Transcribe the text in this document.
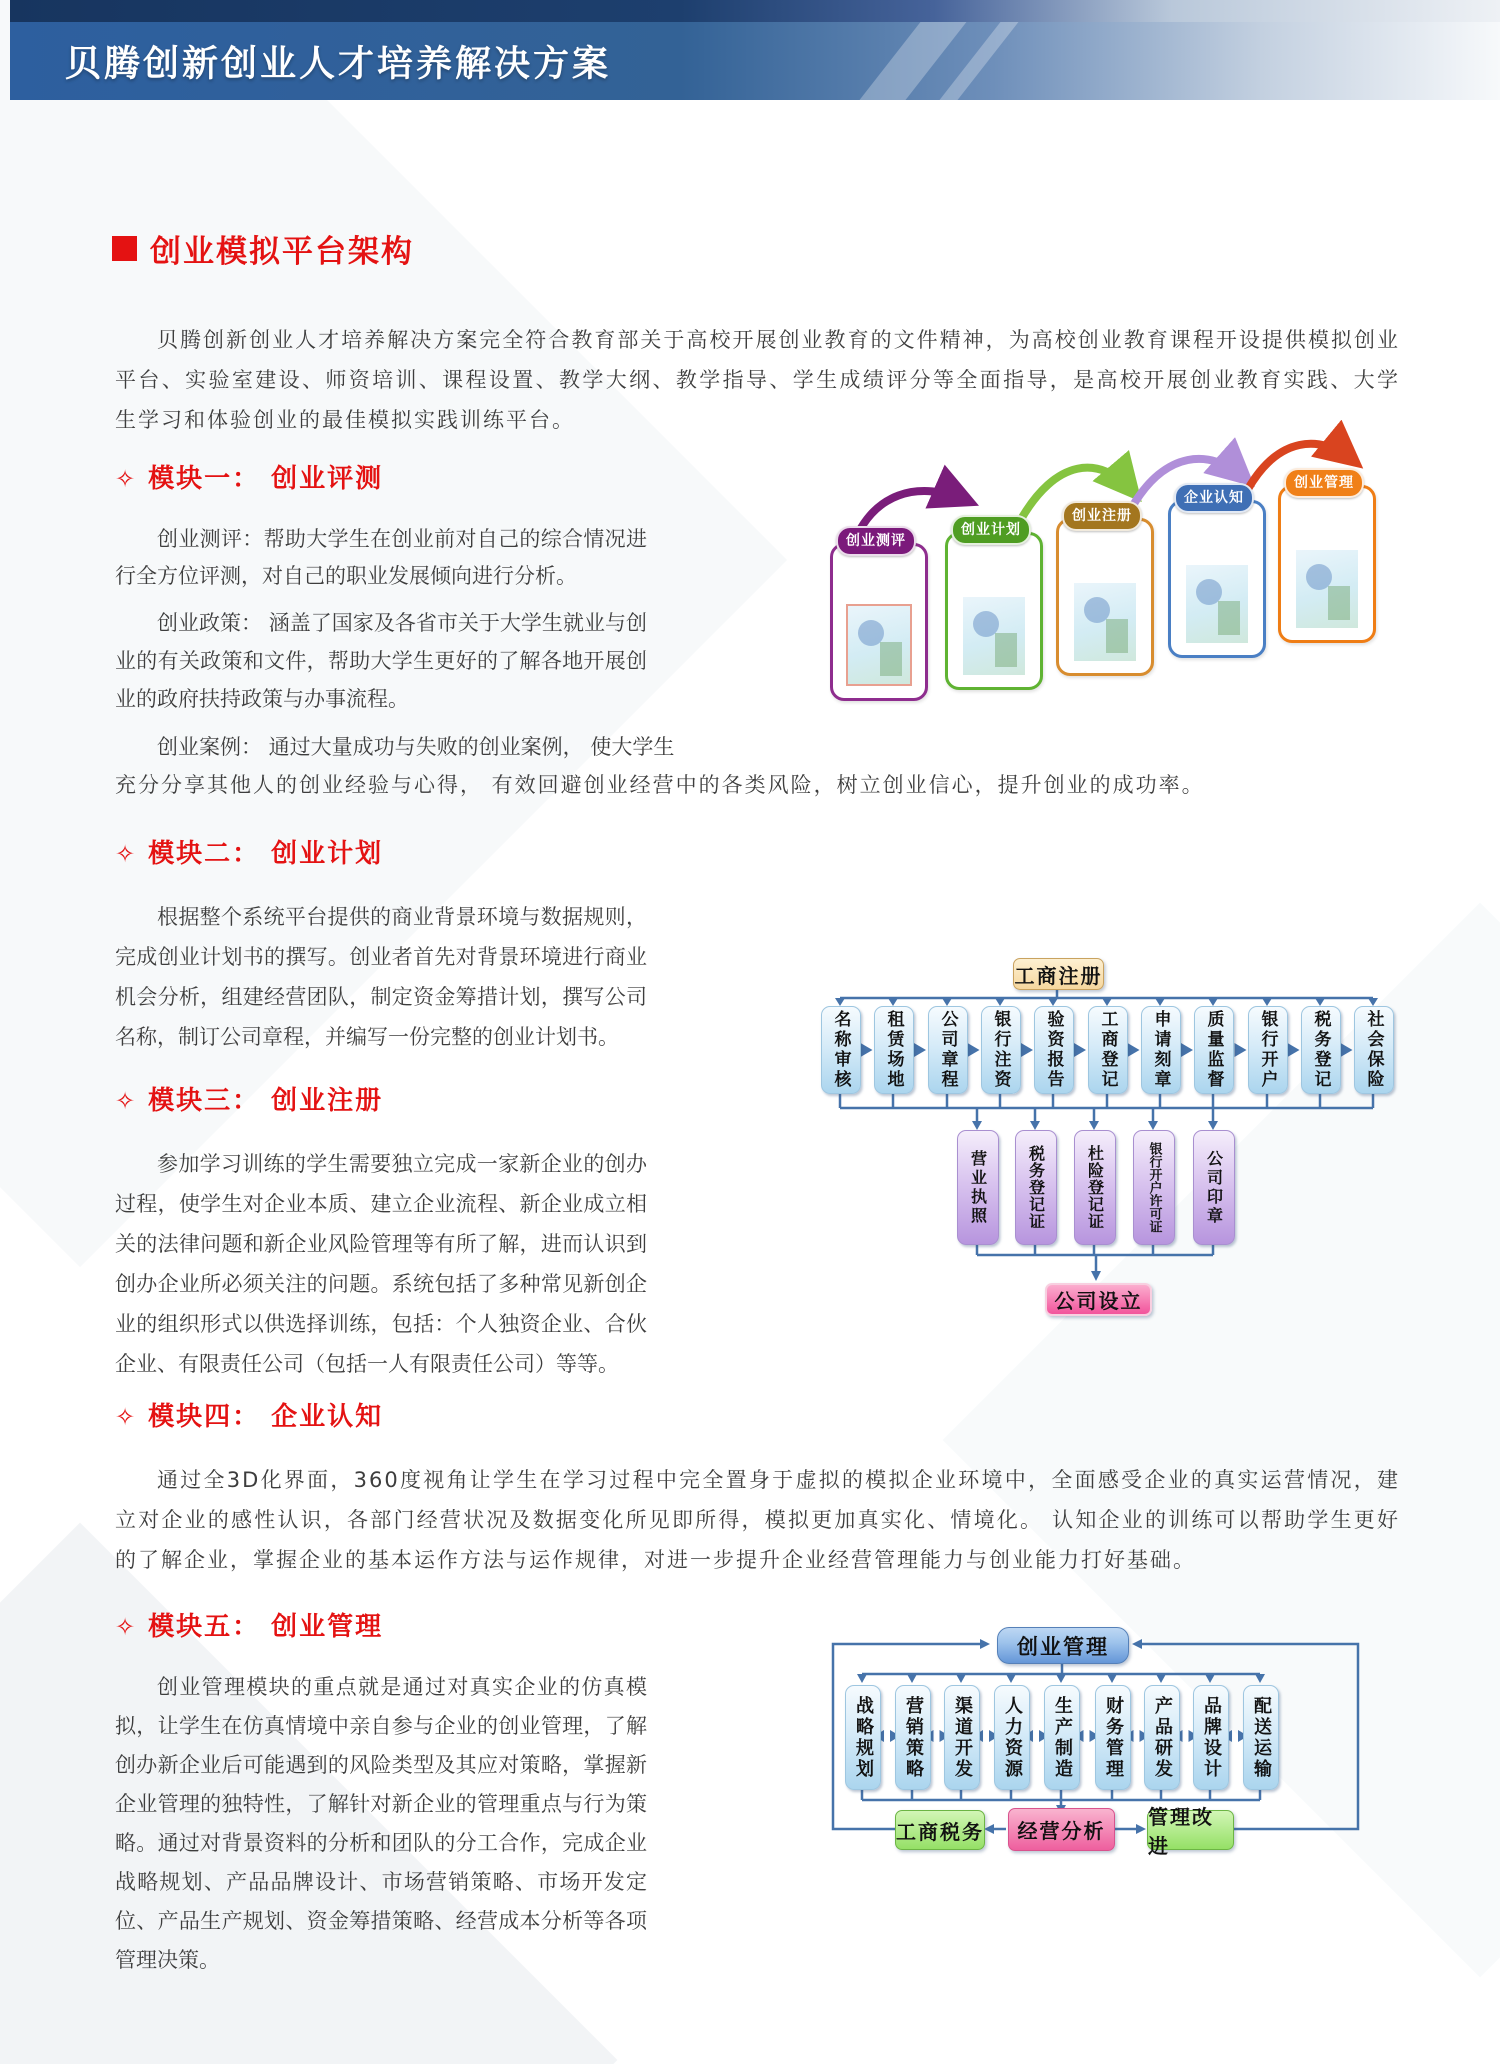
贝腾创新创业人才培养解决方案
创业模拟平台架构
贝腾创新创业人才培养解决方案完全符合教育部关于高校开展创业教育的文件精神，为高校创业教育课程开设提供模拟创业平台、实验室建设、师资培训、课程设置、教学大纲、教学指导、学生成绩评分等全面指导，是高校开展创业教育实践、大学生学习和体验创业的最佳模拟实践训练平台。
✧ 模块一： 创业评测
创业测评：帮助大学生在创业前对自己的综合情况进行全方位评测，对自己的职业发展倾向进行分析。
创业政策： 涵盖了国家及各省市关于大学生就业与创业的有关政策和文件，帮助大学生更好的了解各地开展创业的政府扶持政策与办事流程。
创业案例： 通过大量成功与失败的创业案例， 使大学生
充分分享其他人的创业经验与心得， 有效回避创业经营中的各类风险，树立创业信心，提升创业的成功率。
创业测评
创业计划
创业注册
企业认知
创业管理
✧ 模块二： 创业计划
根据整个系统平台提供的商业背景环境与数据规则，完成创业计划书的撰写。创业者首先对背景环境进行商业机会分析，组建经营团队，制定资金筹措计划，撰写公司名称，制订公司章程，并编写一份完整的创业计划书。
✧ 模块三： 创业注册
参加学习训练的学生需要独立完成一家新企业的创办过程，使学生对企业本质、建立企业流程、新企业成立相关的法律问题和新企业风险管理等有所了解，进而认识到创办企业所必须关注的问题。系统包括了多种常见新创企业的组织形式以供选择训练，包括：个人独资企业、合伙企业、有限责任公司（包括一人有限责任公司）等等。
工商注册
名称审核 租赁场地 公司章程 银行注资 验资报告 工商登记 申请刻章 质量监督 银行开户 税务登记 社会保险
营业执照 税务登记证	杜险登记证	银行开户许可证	公司印章
公司设立
✧ 模块四： 企业认知
通过全3D化界面，360度视角让学生在学习过程中完全置身于虚拟的模拟企业环境中，全面感受企业的真实运营情况，建立对企业的感性认识，各部门经营状况及数据变化所见即所得，模拟更加真实化、情境化。 认知企业的训练可以帮助学生更好的了解企业，掌握企业的基本运作方法与运作规律，对进一步提升企业经营管理能力与创业能力打好基础。
✧ 模块五： 创业管理
创业管理模块的重点就是通过对真实企业的仿真模拟，让学生在仿真情境中亲自参与企业的创业管理，了解创办新企业后可能遇到的风险类型及其应对策略，掌握新企业管理的独特性，了解针对新企业的管理重点与行为策略。通过对背景资料的分析和团队的分工合作，完成企业战略规划、产品品牌设计、市场营销策略、市场开发定位、产品生产规划、资金筹措策略、经营成本分析等各项管理决策。
创业管理
战略规划 营销策略 渠道开发 人力资源 生产制造 财务管理 产品研发 品牌设计 配送运输
工商税务	经营分析
管理改进
